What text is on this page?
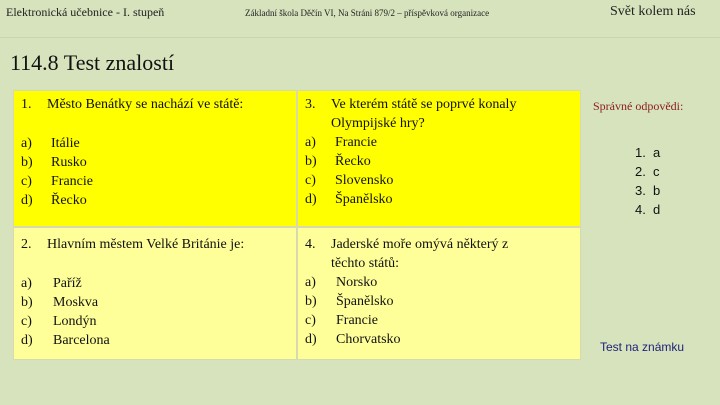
Elektronická učebnice - I. stupeň	Základní škola Děčín VI, Na Stráni 879/2 – příspěvková organizace	Svět kolem nás
114.8 Test znalostí
1. Město Benátky se nachází ve státě:
a) Itálie
b) Rusko
c) Francie
d) Řecko
3. Ve kterém státě se poprvé konaly
Olympijské hry?
a) Francie
b) Řecko
c) Slovensko
d) Španělsko
2. Hlavním městem Velké Británie je:
a) Paříž
b) Moskva
c) Londýn
d) Barcelona
4. Jaderské moře omývá některý z
těchto států:
a) Norsko
b) Španělsko
c) Francie
d) Chorvatsko
Správné odpovědi:
1. a
2. c
3. b
4. d
Test na známku
